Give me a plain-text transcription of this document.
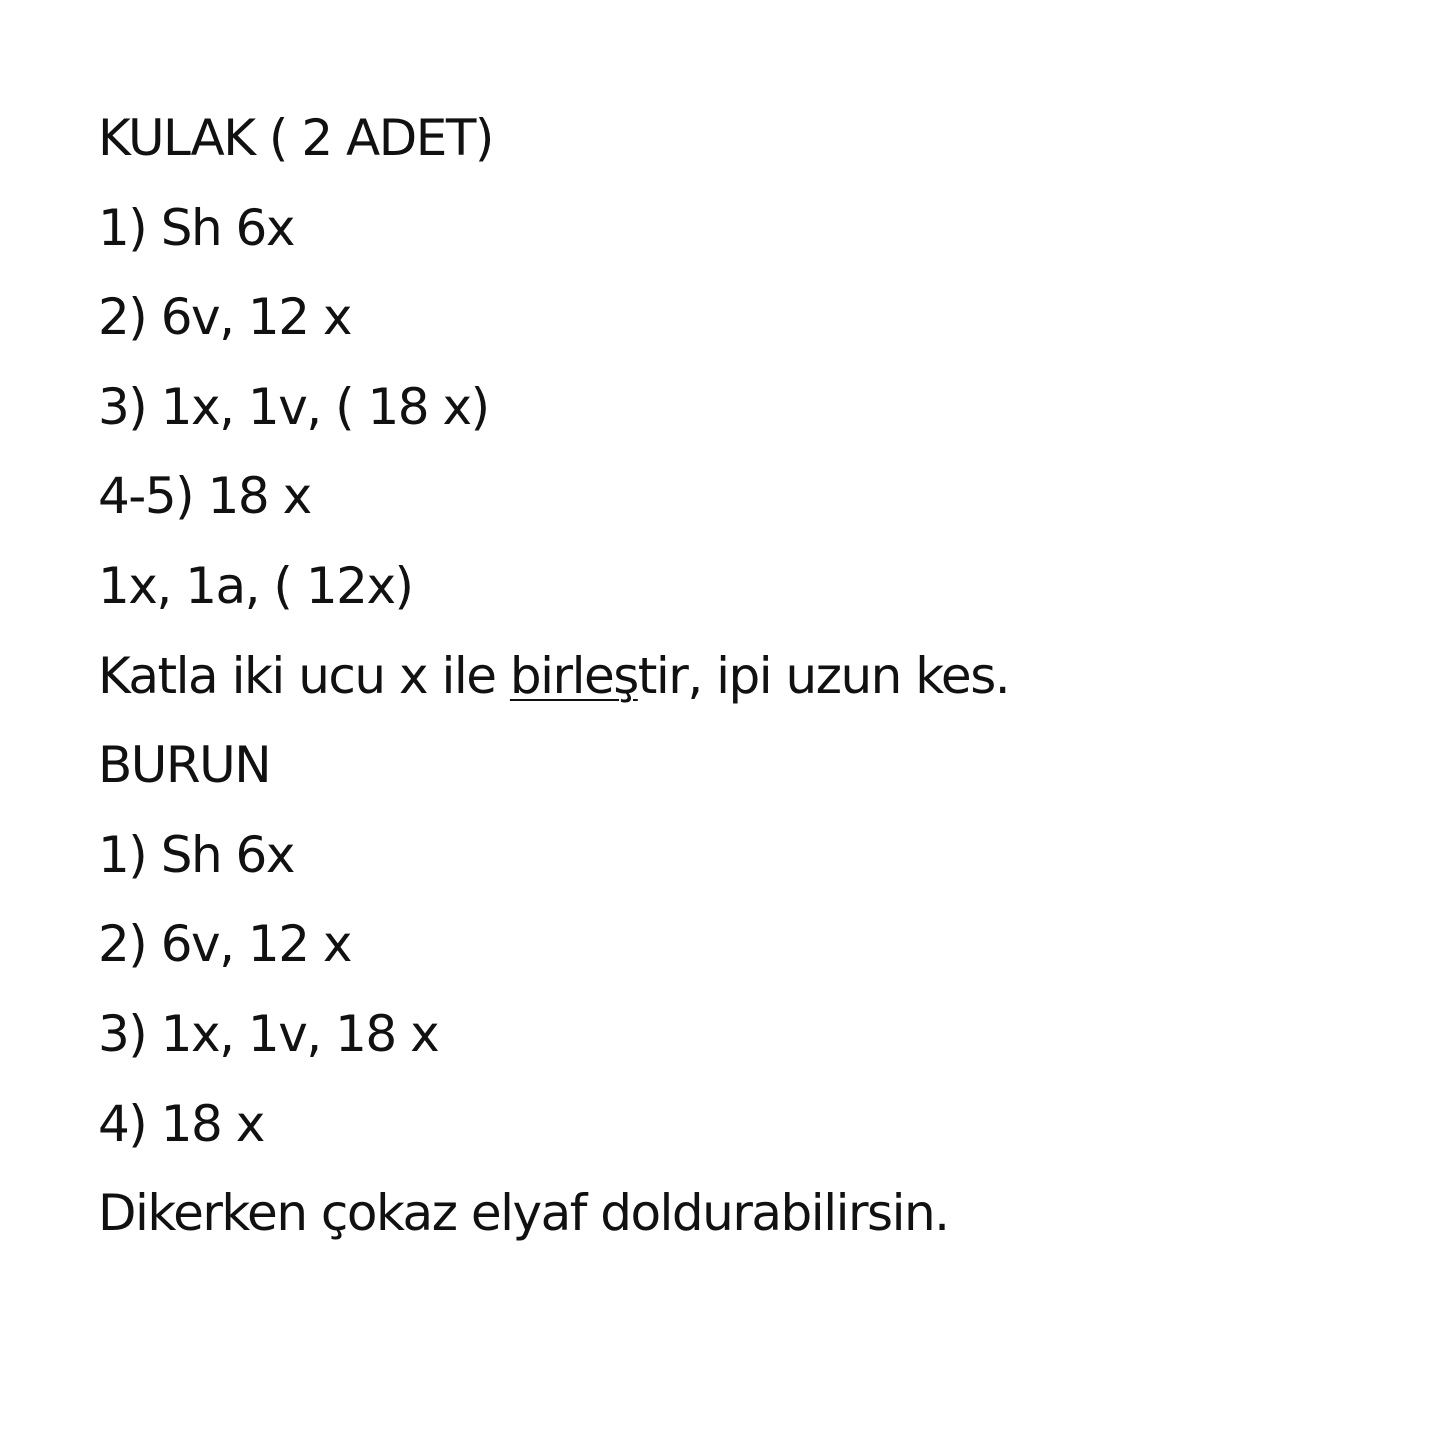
KULAK ( 2 ADET)
1) Sh 6x
2) 6v, 12 x
3) 1x, 1v, ( 18 x)
4-5) 18 x
1x, 1a, ( 12x)
Katla iki ucu x ile birleştir, ipi uzun kes.
BURUN
1) Sh 6x
2) 6v, 12 x
3) 1x, 1v, 18 x
4) 18 x
Dikerken çokaz elyaf doldurabilirsin.
